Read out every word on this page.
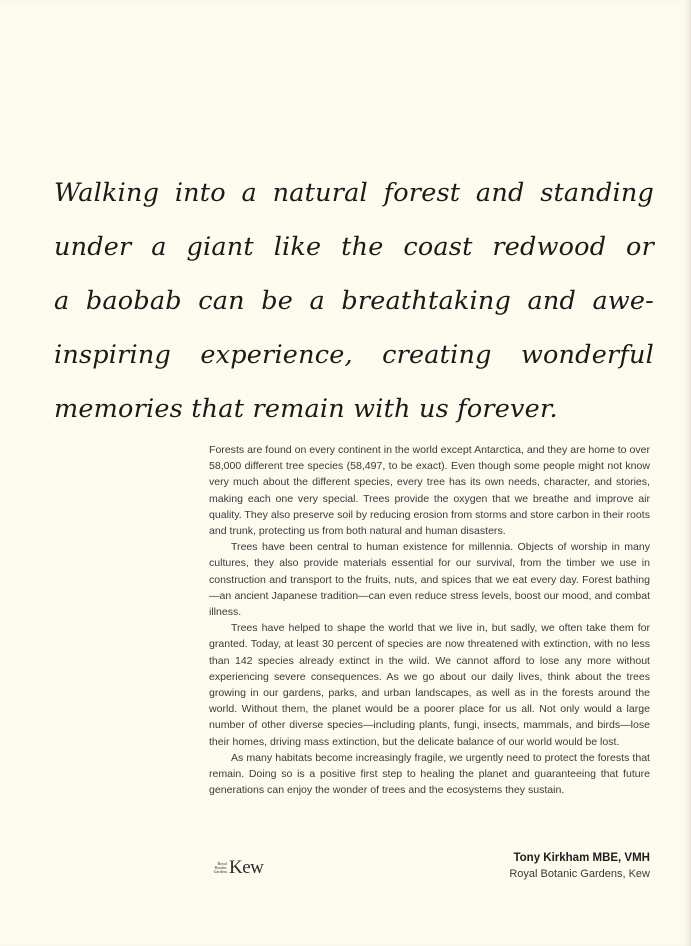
Walking into a natural forest and standing
under a giant like the coast redwood or
a baobab can be a breathtaking and awe-
inspiring experience, creating wonderful
memories that remain with us forever.

Forests are found on every continent in the world except Antarctica, and they are home to over 58,000 different tree species (58,497, to be exact). Even though some people might not know very much about the different species, every tree has its own needs, character, and stories, making each one very special. Trees provide the oxygen that we breathe and improve air quality. They also preserve soil by reducing erosion from storms and store carbon in their roots and trunk, protecting us from both natural and human disasters.

Trees have been central to human existence for millennia. Objects of worship in many cultures, they also provide materials essential for our survival, from the timber we use in construction and transport to the fruits, nuts, and spices that we eat every day. Forest bathing—an ancient Japanese tradition—can even reduce stress levels, boost our mood, and combat illness.

Trees have helped to shape the world that we live in, but sadly, we often take them for granted. Today, at least 30 percent of species are now threatened with extinction, with no less than 142 species already extinct in the wild. We cannot afford to lose any more without experiencing severe consequences. As we go about our daily lives, think about the trees growing in our gardens, parks, and urban landscapes, as well as in the forests around the world. Without them, the planet would be a poorer place for us all. Not only would a large number of other diverse species—including plants, fungi, insects, mammals, and birds—lose their homes, driving mass extinction, but the delicate balance of our world would be lost.

As many habitats become increasingly fragile, we urgently need to protect the forests that remain. Doing so is a positive first step to healing the planet and guaranteeing that future generations can enjoy the wonder of trees and the ecosystems they sustain.

Royal
Botanic
Gardens Kew	Tony Kirkham MBE, VMH
Royal Botanic Gardens, Kew
